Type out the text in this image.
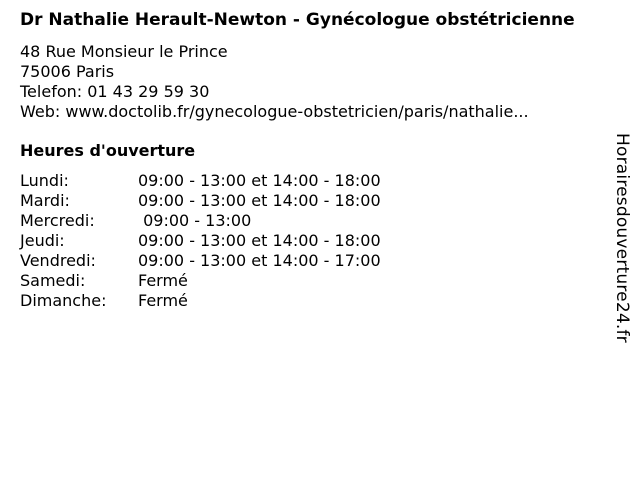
Dr Nathalie Herault-Newton - Gynécologue obstétricienne
48 Rue Monsieur le Prince
75006 Paris
Telefon: 01 43 29 59 30
Web: www.doctolib.fr/gynecologue-obstetricien/paris/nathalie...
Heures d'ouverture
Lundi:	09:00 - 13:00 et 14:00 - 18:00
Mardi:	09:00 - 13:00 et 14:00 - 18:00
Mercredi:	09:00 - 13:00
Jeudi:	09:00 - 13:00 et 14:00 - 18:00
Vendredi:	09:00 - 13:00 et 14:00 - 17:00
Samedi:	Fermé
Dimanche:	Fermé	Horairesdouverture24.fr
